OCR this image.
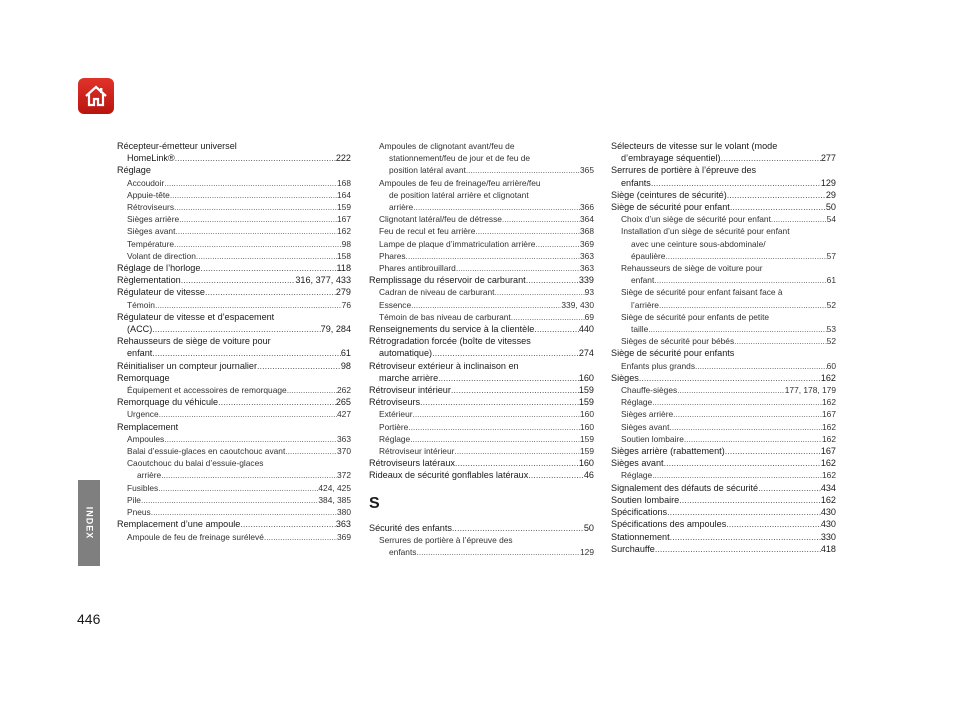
INDEX
446
Récepteur-émetteur universel
HomeLink® .....	222
Réglage
Accoudoir .....	168
Appuie-tête .....	164
Rétroviseurs .....	159
Sièges arrière .....	167
Sièges avant .....	162
Température .....	98
Volant de direction .....	158
Réglage de l’horloge .....	118
Règlementation .....	316, 377, 433
Régulateur de vitesse .....	279
Témoin .....	76
Régulateur de vitesse et d’espacement
(ACC) .....	79, 284
Rehausseurs de siège de voiture pour
enfant .....	61
Réinitialiser un compteur journalier .....	98
Remorquage
Équipement et accessoires de remorquage .....	262
Remorquage du véhicule .....	265
Urgence .....	427
Remplacement
Ampoules .....	363
Balai d’essuie-glaces en caoutchouc avant .....	370
Caoutchouc du balai d’essuie-glaces
arrière .....	372
Fusibles .....	424, 425
Pile .....	384, 385
Pneus .....	380
Remplacement d’une ampoule .....	363
Ampoule de feu de freinage surélevé .....	369
Ampoules de clignotant avant/feu de
stationnement/feu de jour et de feu de
position latéral avant .....	365
Ampoules de feu de freinage/feu arrière/feu
de position latéral arrière et clignotant
arrière .....	366
Clignotant latéral/feu de détresse .....	364
Feu de recul et feu arrière .....	368
Lampe de plaque d’immatriculation arrière .....	369
Phares .....	363
Phares antibrouillard .....	363
Remplissage du réservoir de carburant .....	339
Cadran de niveau de carburant .....	93
Essence .....	339, 430
Témoin de bas niveau de carburant .....	69
Renseignements du service à la clientèle .....	440
Rétrogradation forcée (boîte de vitesses
automatique) .....	274
Rétroviseur extérieur à inclinaison en
marche arrière .....	160
Rétroviseur intérieur .....	159
Rétroviseurs .....	159
Extérieur .....	160
Portière .....	160
Réglage .....	159
Rétroviseur intérieur .....	159
Rétroviseurs latéraux .....	160
Rideaux de sécurité gonflables latéraux .....	46
S
Sécurité des enfants .....	50
Serrures de portière à l’épreuve des
enfants .....	129
Sélecteurs de vitesse sur le volant (mode
d’embrayage séquentiel) .....	277
Serrures de portière à l’épreuve des
enfants .....	129
Siège (ceintures de sécurité) .....	29
Siège de sécurité pour enfant .....	50
Choix d’un siège de sécurité pour enfant .....	54
Installation d’un siège de sécurité pour enfant
avec une ceinture sous-abdominale/
épaulière .....	57
Rehausseurs de siège de voiture pour
enfant .....	61
Siège de sécurité pour enfant faisant face à
l’arrière .....	52
Siège de sécurité pour enfants de petite
taille .....	53
Sièges de sécurité pour bébés .....	52
Siège de sécurité pour enfants
Enfants plus grands .....	60
Sièges .....	162
Chauffe-sièges .....	177, 178, 179
Réglage .....	162
Sièges arrière .....	167
Sièges avant .....	162
Soutien lombaire .....	162
Sièges arrière (rabattement) .....	167
Sièges avant .....	162
Réglage .....	162
Signalement des défauts de sécurité .....	434
Soutien lombaire .....	162
Spécifications .....	430
Spécifications des ampoules .....	430
Stationnement .....	330
Surchauffe .....	418
